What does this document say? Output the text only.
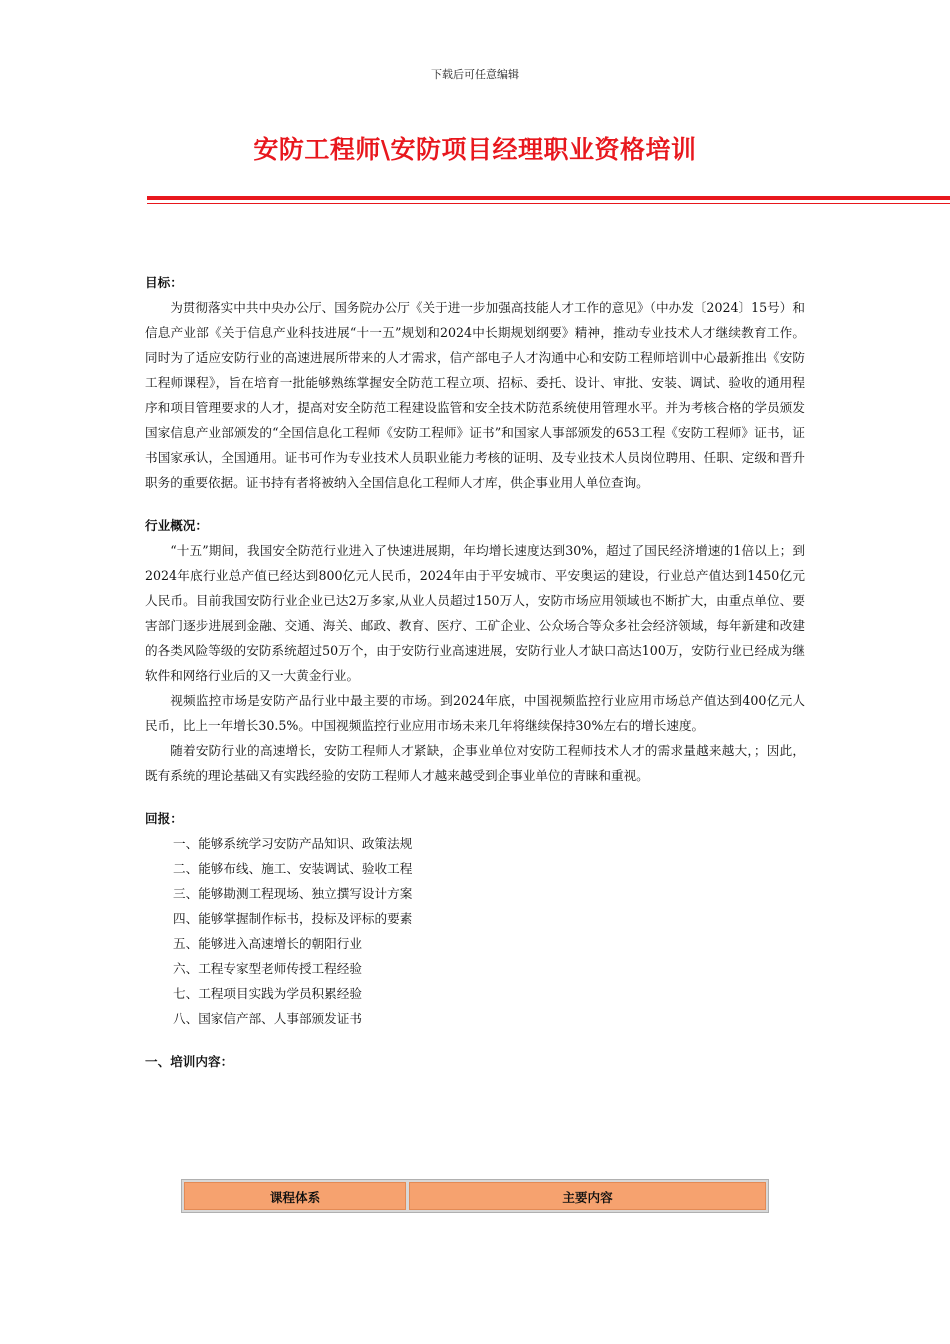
下载后可任意编辑
安防工程师\安防项目经理职业资格培训

目标：

为贯彻落实中共中央办公厅、国务院办公厅《关于进一步加强高技能人才工作的意见》（中办发〔2024〕15号）和信息产业部《关于信息产业科技进展“十一五”规划和2024中长期规划纲要》精神，推动专业技术人才继续教育工作。同时为了适应安防行业的高速进展所带来的人才需求，信产部电子人才沟通中心和安防工程师培训中心最新推出《安防工程师课程》，旨在培育一批能够熟练掌握安全防范工程立项、招标、委托、设计、审批、安装、调试、验收的通用程序和项目管理要求的人才，提高对安全防范工程建设监管和安全技术防范系统使用管理水平。并为考核合格的学员颁发国家信息产业部颁发的“全国信息化工程师《安防工程师》证书”和国家人事部颁发的653工程《安防工程师》证书，证书国家承认，全国通用。证书可作为专业技术人员职业能力考核的证明、及专业技术人员岗位聘用、任职、定级和晋升职务的重要依据。证书持有者将被纳入全国信息化工程师人才库，供企事业用人单位查询。

行业概况：

“十五”期间，我国安全防范行业进入了快速进展期，年均增长速度达到30%，超过了国民经济增速的1倍以上；到2024年底行业总产值已经达到800亿元人民币，2024年由于平安城市、平安奥运的建设，行业总产值达到1450亿元人民币。目前我国安防行业企业已达2万多家,从业人员超过150万人，安防市场应用领域也不断扩大，由重点单位、要害部门逐步进展到金融、交通、海关、邮政、教育、医疗、工矿企业、公众场合等众多社会经济领域，每年新建和改建的各类风险等级的安防系统超过50万个，由于安防行业高速进展，安防行业人才缺口高达100万，安防行业已经成为继软件和网络行业后的又一大黄金行业。

视频监控市场是安防产品行业中最主要的市场。到2024年底，中国视频监控行业应用市场总产值达到400亿元人民币，比上一年增长30.5%。中国视频监控行业应用市场未来几年将继续保持30%左右的增长速度。

随着安防行业的高速增长，安防工程师人才紧缺，企事业单位对安防工程师技术人才的需求量越来越大，；因此，既有系统的理论基础又有实践经验的安防工程师人才越来越受到企事业单位的青睐和重视。

回报：

一、能够系统学习安防产品知识、政策法规
二、能够布线、施工、安装调试、验收工程
三、能够勘测工程现场、独立撰写设计方案
四、能够掌握制作标书，投标及评标的要素
五、能够进入高速增长的朝阳行业
六、工程专家型老师传授工程经验
七、工程项目实践为学员积累经验
八、国家信产部、人事部颁发证书

一、培训内容：

课程体系	主要内容
